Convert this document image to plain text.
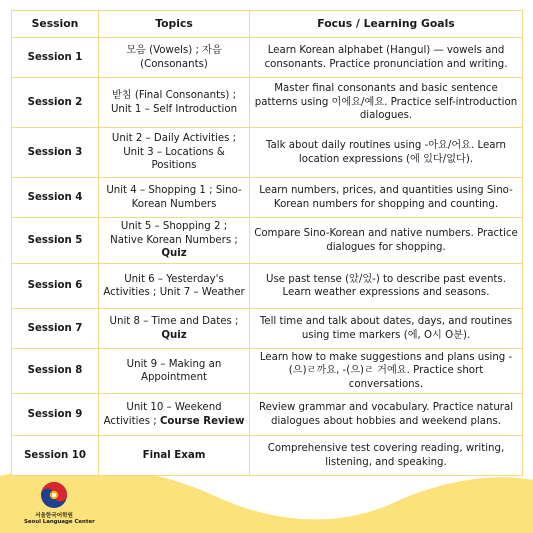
Session	Topics	Focus / Learning Goals
Session 1	모음 (Vowels) ; 자음 (Consonants)	Learn Korean alphabet (Hangul) — vowels and consonants. Practice pronunciation and writing.
Session 2	받침 (Final Consonants) ; Unit 1 – Self Introduction	Master final consonants and basic sentence patterns using 이에요/예요. Practice self-introduction dialogues.
Session 3	Unit 2 – Daily Activities ; Unit 3 – Locations & Positions	Talk about daily routines using -아요/어요. Learn location expressions (에 있다/없다).
Session 4	Unit 4 – Shopping 1 ; Sino-Korean Numbers	Learn numbers, prices, and quantities using Sino-Korean numbers for shopping and counting.
Session 5	Unit 5 – Shopping 2 ; Native Korean Numbers ; Quiz	Compare Sino-Korean and native numbers. Practice dialogues for shopping.
Session 6	Unit 6 – Yesterday's Activities ; Unit 7 – Weather	Use past tense (았/었-) to describe past events. Learn weather expressions and seasons.
Session 7	Unit 8 – Time and Dates ; Quiz	Tell time and talk about dates, days, and routines using time markers (에, O시 O분).
Session 8	Unit 9 – Making an Appointment	Learn how to make suggestions and plans using -(으)ㄹ까요, -(으)ㄹ 거예요. Practice short conversations.
Session 9	Unit 10 – Weekend Activities ; Course Review	Review grammar and vocabulary. Practice natural dialogues about hobbies and weekend plans.
Session 10	Final Exam	Comprehensive test covering reading, writing, listening, and speaking.
서울한국어학원
Seoul Language Center
